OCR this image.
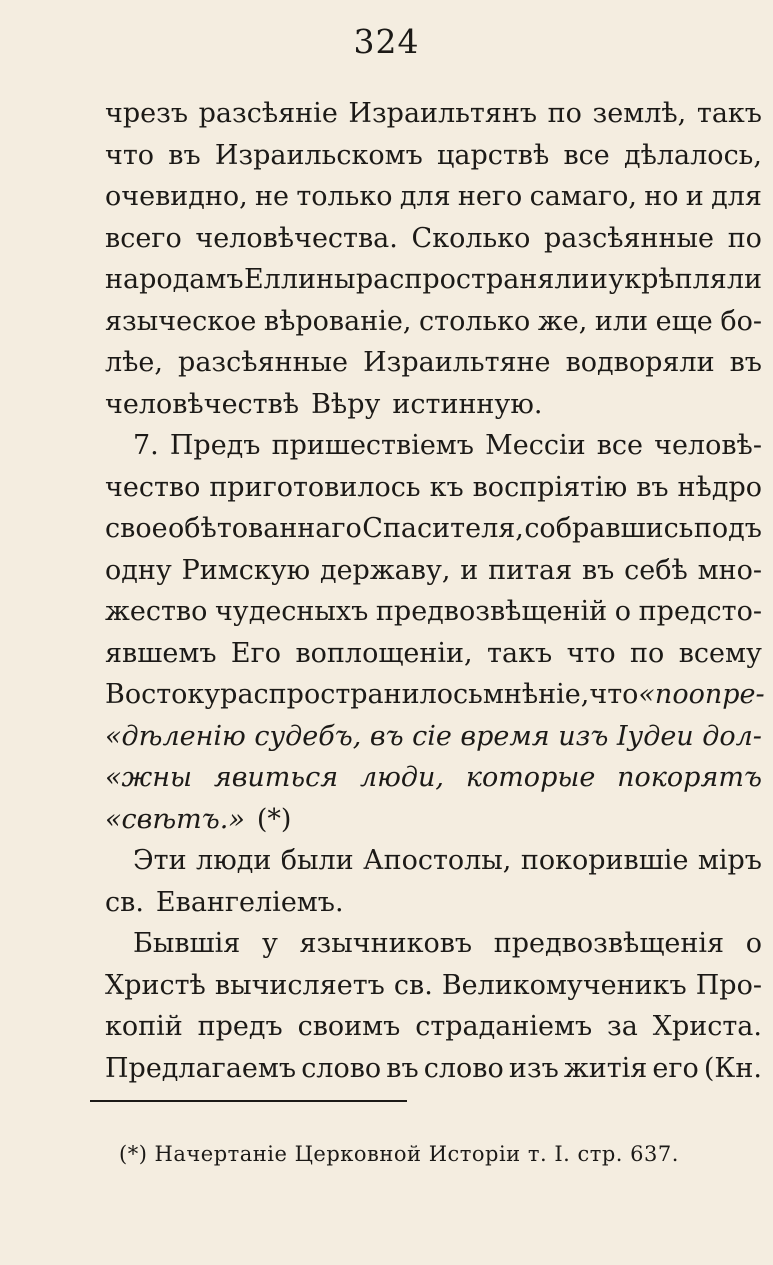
324
чрезъ разсѣяніе Израильтянъ по землѣ, такъ
что въ Израильскомъ царствѣ все дѣлалось,
очевидно, не только для него самаго, но и для
всего человѣчества. Сколько разсѣянные по
народамъ Еллины распространяли и укрѣпляли
языческое вѣрованіе, столько же, или еще бо-
лѣе, разсѣянные Израильтяне водворяли въ
человѣчествѣ Вѣру истинную.
7. Предъ пришествіемъ Мессіи все человѣ-
чество приготовилось къ воспріятію въ нѣдро
свое обѣтованнаго Спасителя, собравшись подъ
одну Римскую державу, и питая въ себѣ мно-
жество чудесныхъ предвозвѣщеній о предсто-
явшемъ Его воплощеніи, такъ что по всему
Востоку распространилось мнѣніе, что «по опре-
«дѣленію судебъ, въ сіе время изъ Іудеи дол-
«жны явиться люди, которые покорятъ
«свѣтъ.» (*)
Эти люди были Апостолы, покорившіе міръ
св. Евангеліемъ.
Бывшія у язычниковъ предвозвѣщенія о
Христѣ вычисляетъ св. Великомученикъ Про-
копій предъ своимъ страданіемъ за Христа.
Предлагаемъ слово въ слово изъ житія его (Кн.
(*) Начертаніе Церковной Исторіи т. I. стр. 637.
